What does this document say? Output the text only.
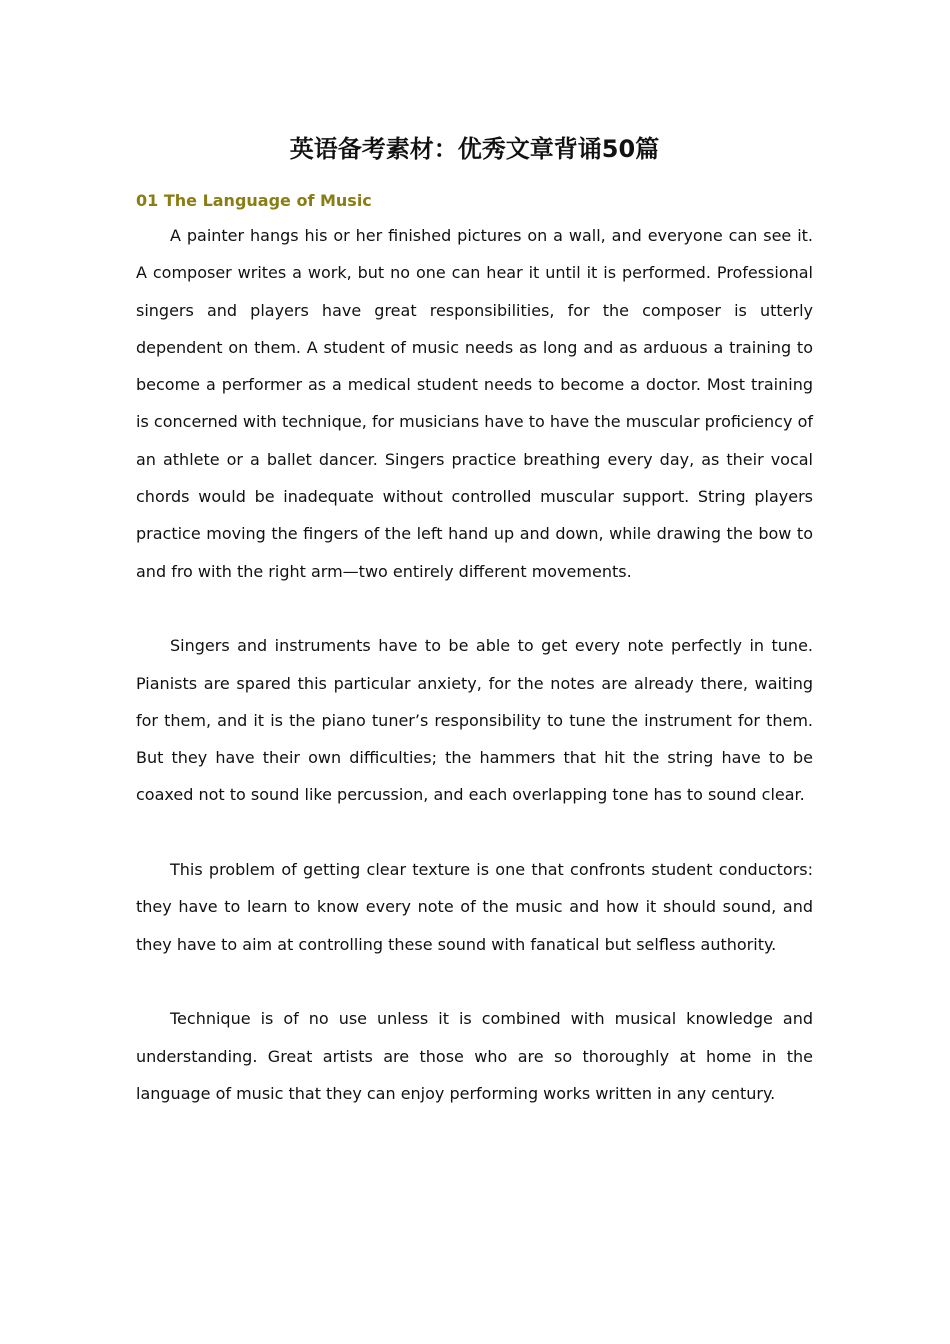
英语备考素材：优秀文章背诵50篇
01 The Language of Music

A painter hangs his or her finished pictures on a wall, and everyone can see it. A composer writes a work, but no one can hear it until it is performed. Professional singers and players have great responsibilities, for the composer is utterly dependent on them. A student of music needs as long and as arduous a training to become a performer as a medical student needs to become a doctor. Most training is concerned with technique, for musicians have to have the muscular proficiency of an athlete or a ballet dancer. Singers practice breathing every day, as their vocal chords would be inadequate without controlled muscular support. String players practice moving the fingers of the left hand up and down, while drawing the bow to and fro with the right arm—two entirely different movements.

Singers and instruments have to be able to get every note perfectly in tune. Pianists are spared this particular anxiety, for the notes are already there, waiting for them, and it is the piano tuner’s responsibility to tune the instrument for them. But they have their own difficulties; the hammers that hit the string have to be coaxed not to sound like percussion, and each overlapping tone has to sound clear.

This problem of getting clear texture is one that confronts student conductors: they have to learn to know every note of the music and how it should sound, and they have to aim at controlling these sound with fanatical but selfless authority.

Technique is of no use unless it is combined with musical knowledge and understanding. Great artists are those who are so thoroughly at home in the language of music that they can enjoy performing works written in any century.
